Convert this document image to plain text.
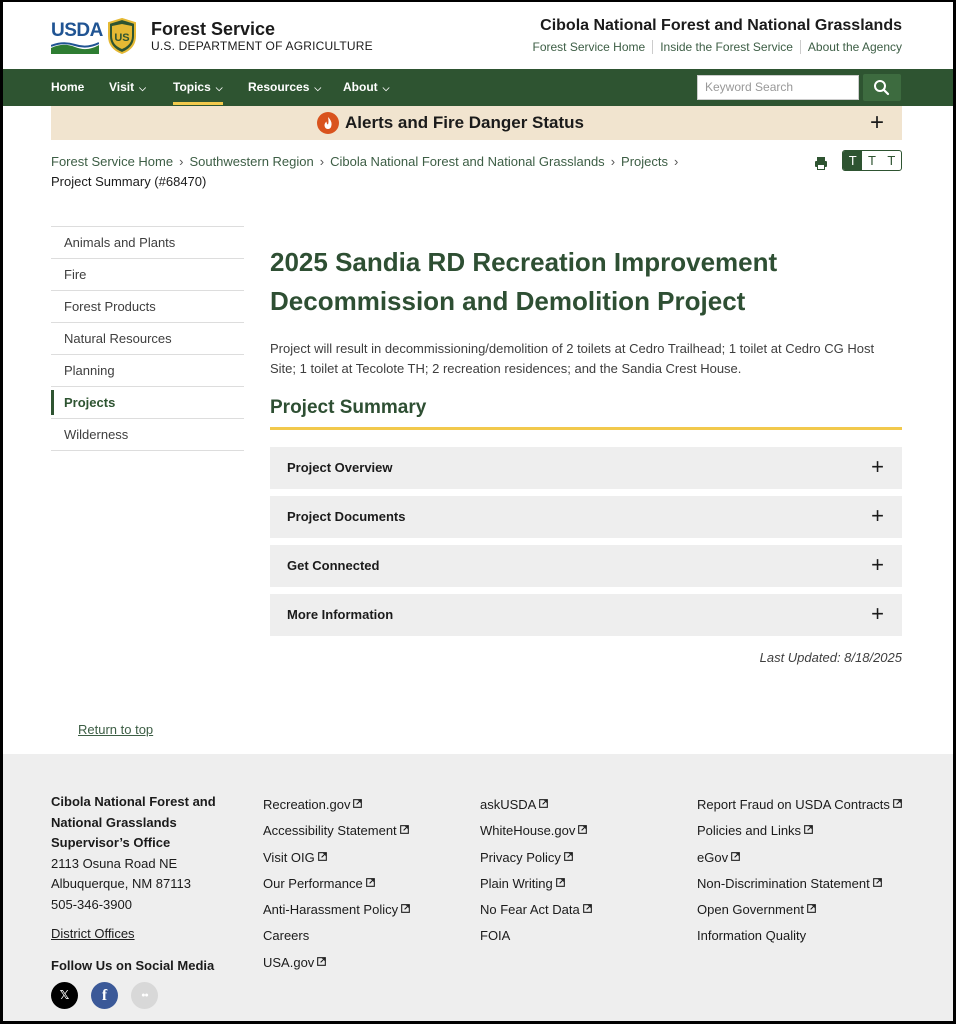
USDA US Forest Service
U.S. DEPARTMENT OF AGRICULTURE
Cibola National Forest and National Grasslands
Forest Service Home	Inside the Forest Service	About the Agency
Home Visit ⌵ Topics ⌵ Resources ⌵ About ⌵	Keyword Search
Alerts and Fire Danger Status	+
Forest Service Home › Southwestern Region › Cibola National Forest and National Grasslands › Projects ›
Project Summary (#68470)
T T T
Animals and Plants
Fire
Forest Products
Natural Resources
Planning
Projects
Wilderness
2025 Sandia RD Recreation Improvement Decommission and Demolition Project

Project will result in decommissioning/demolition of 2 toilets at Cedro Trailhead; 1 toilet at Cedro CG Host Site; 1 toilet at Tecolote TH; 2 recreation residences; and the Sandia Crest House.

Project Summary
Project Overview	+
Project Documents	+
Get Connected	+
More Information	+
Last Updated: 8/18/2025
Return to top
Cibola National Forest and
National Grasslands
Supervisor’s Office
2113 Osuna Road NE
Albuquerque, NM 87113
505-346-3900
District Offices
Follow Us on Social Media
𝕏	f	●●
Recreation.gov
Accessibility Statement
Visit OIG
Our Performance
Anti-Harassment Policy
Careers
USA.gov
askUSDA
WhiteHouse.gov
Privacy Policy
Plain Writing
No Fear Act Data
FOIA
Report Fraud on USDA Contracts
Policies and Links
eGov
Non-Discrimination Statement
Open Government
Information Quality
